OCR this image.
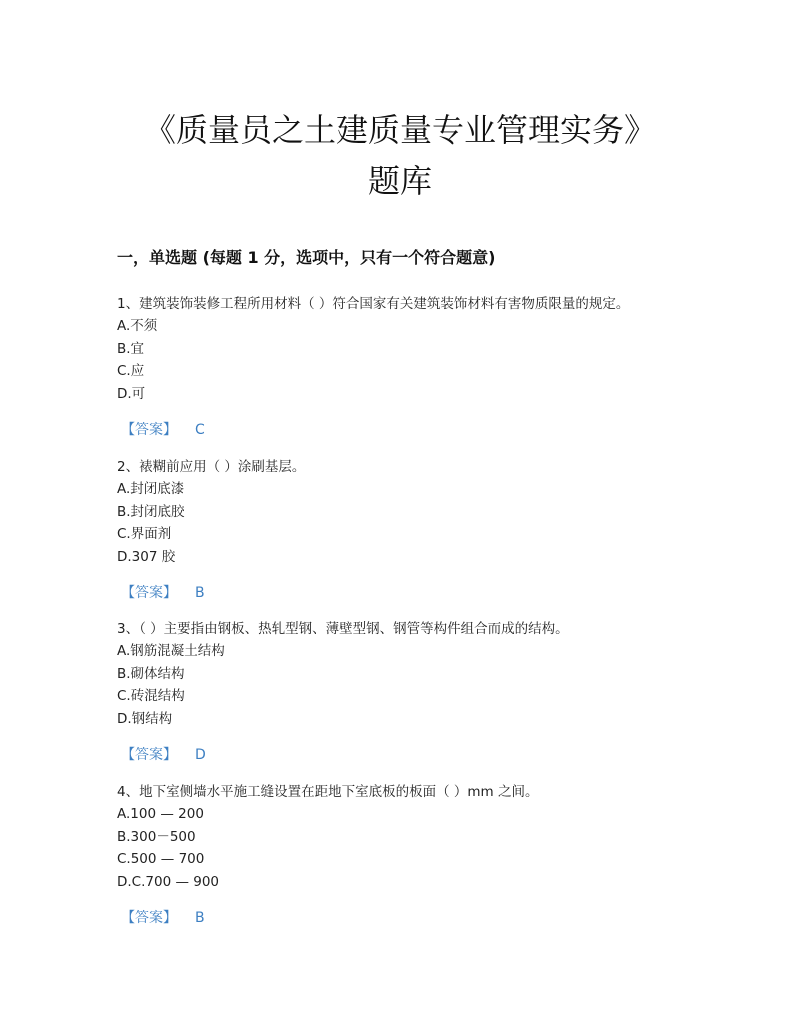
《质量员之土建质量专业管理实务》
题库
一，单选题 (每题 1 分，选项中，只有一个符合题意)
1、建筑装饰装修工程所用材料（ ）符合国家有关建筑装饰材料有害物质限量的规定。
A.不须
B.宜
C.应
D.可
【答案】 C
2、裱糊前应用（ ）涂刷基层。
A.封闭底漆
B.封闭底胶
C.界面剂
D.307 胶
【答案】 B
3、（ ）主要指由钢板、热轧型钢、薄壁型钢、钢管等构件组合而成的结构。
A.钢筋混凝土结构
B.砌体结构
C.砖混结构
D.钢结构
【答案】 D
4、地下室侧墙水平施工缝设置在距地下室底板的板面（ ）mm 之间。
A.100 — 200
B.300－500
C.500 — 700
D.C.700 — 900
【答案】 B
